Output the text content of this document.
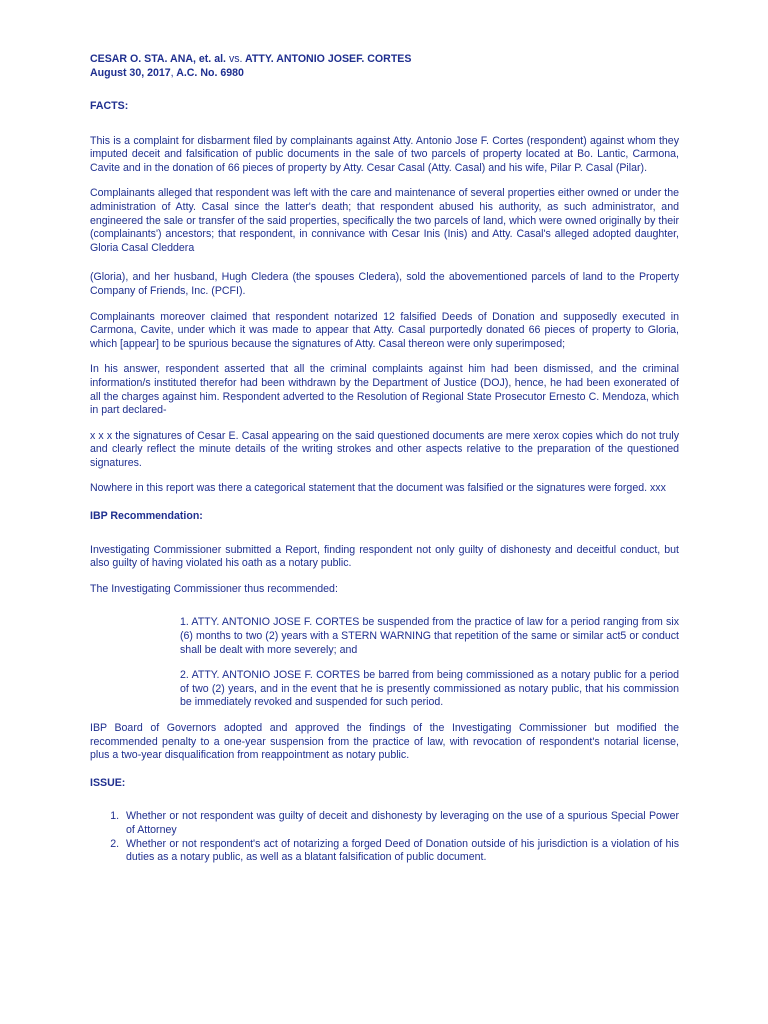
CESAR O. STA. ANA, et. al. vs. ATTY. ANTONIO JOSEF. CORTES

August 30, 2017, A.C. No. 6980

FACTS:

This is a complaint for disbarment filed by complainants against Atty. Antonio Jose F. Cortes (respondent) against whom they imputed deceit and falsification of public documents in the sale of two parcels of property located at Bo. Lantic, Carmona, Cavite and in the donation of 66 pieces of property by Atty. Cesar Casal (Atty. Casal) and his wife, Pilar P. Casal (Pilar).

Complainants alleged that respondent was left with the care and maintenance of several properties either owned or under the administration of Atty. Casal since the latter's death; that respondent abused his authority, as such administrator, and engineered the sale or transfer of the said properties, specifically the two parcels of land, which were owned originally by their (complainants') ancestors; that respondent, in connivance with Cesar Inis (Inis) and Atty. Casal's alleged adopted daughter, Gloria Casal Cleddera

(Gloria), and her husband, Hugh Cledera (the spouses Cledera), sold the abovementioned parcels of land to the Property Company of Friends, Inc. (PCFI).

Complainants moreover claimed that respondent notarized 12 falsified Deeds of Donation and supposedly executed in Carmona, Cavite, under which it was made to appear that Atty. Casal purportedly donated 66 pieces of property to Gloria, which [appear] to be spurious because the signatures of Atty. Casal thereon were only superimposed;

In his answer, respondent asserted that all the criminal complaints against him had been dismissed, and the criminal information/s instituted therefor had been withdrawn by the Department of Justice (DOJ), hence, he had been exonerated of all the charges against him. Respondent adverted to the Resolution of Regional State Prosecutor Ernesto C. Mendoza, which in part declared-

x x x the signatures of Cesar E. Casal appearing on the said questioned documents are mere xerox copies which do not truly and clearly reflect the minute details of the writing strokes and other aspects relative to the preparation of the questioned signatures.

Nowhere in this report was there a categorical statement that the document was falsified or the signatures were forged. xxx

IBP Recommendation:

Investigating Commissioner submitted a Report, finding respondent not only guilty of dishonesty and deceitful conduct, but also guilty of having violated his oath as a notary public.

The Investigating Commissioner thus recommended:

1. ATTY. ANTONIO JOSE F. CORTES be suspended from the practice of law for a period ranging from six (6) months to two (2) years with a STERN WARNING that repetition of the same or similar act5 or conduct shall be dealt with more severely; and

2. ATTY. ANTONIO JOSE F. CORTES be barred from being commissioned as a notary public for a period of two (2) years, and in the event that he is presently commissioned as notary public, that his commission be immediately revoked and suspended for such period.

IBP Board of Governors adopted and approved the findings of the Investigating Commissioner but modified the recommended penalty to a one-year suspension from the practice of law, with revocation of respondent's notarial license, plus a two-year disqualification from reappointment as notary public.

ISSUE:

1. Whether or not respondent was guilty of deceit and dishonesty by leveraging on the use of a spurious Special Power of Attorney
2. Whether or not respondent's act of notarizing a forged Deed of Donation outside of his jurisdiction is a violation of his duties as a notary public, as well as a blatant falsification of public document.
